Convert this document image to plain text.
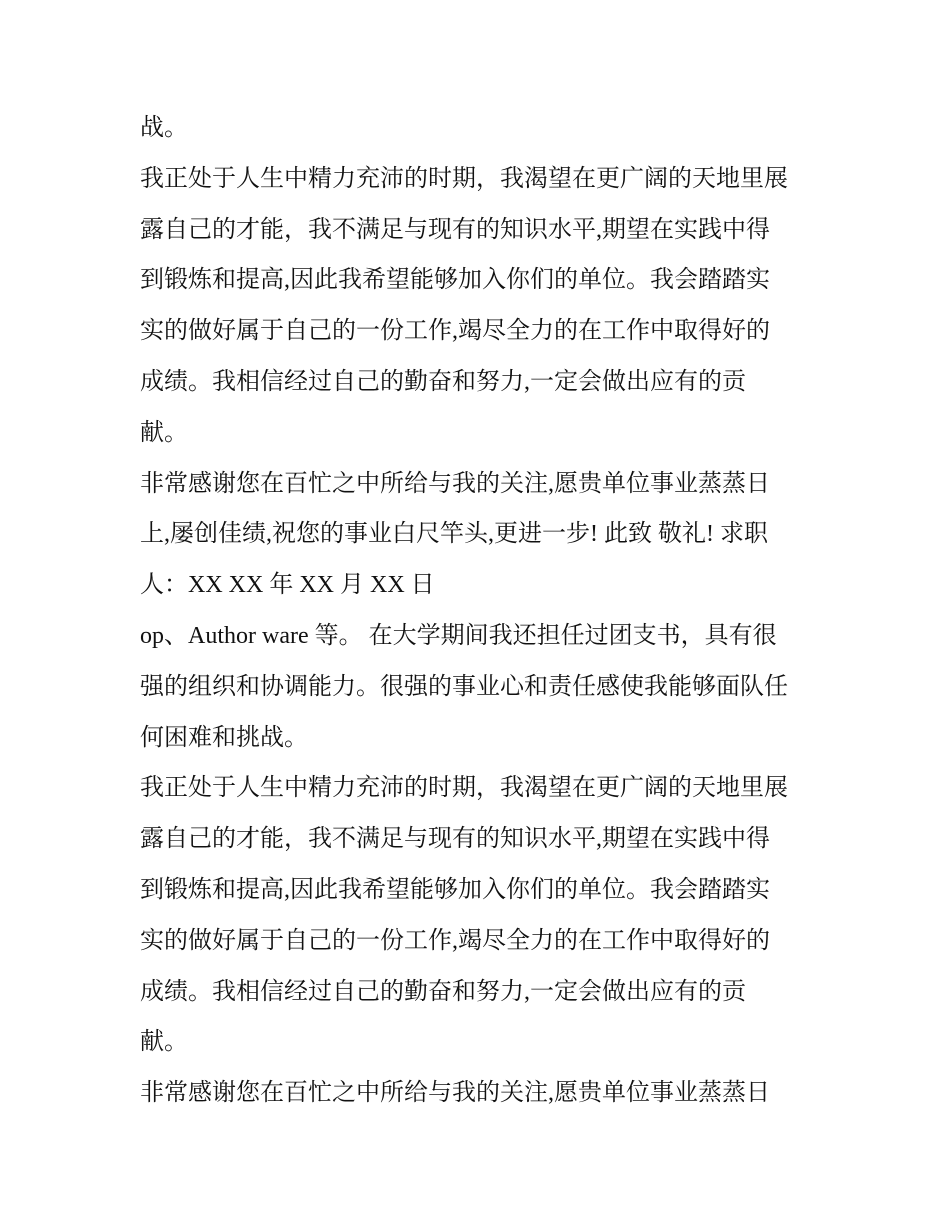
战。
我正处于人生中精力充沛的时期，我渴望在更广阔的天地里展
露自己的才能，我不满足与现有的知识水平,期望在实践中得
到锻炼和提高,因此我希望能够加入你们的单位。我会踏踏实
实的做好属于自己的一份工作,竭尽全力的在工作中取得好的
成绩。我相信经过自己的勤奋和努力,一定会做出应有的贡
献。
非常感谢您在百忙之中所给与我的关注,愿贵单位事业蒸蒸日
上,屡创佳绩,祝您的事业白尺竿头,更进一步! 此致 敬礼! 求职
人：XX XX 年 XX 月 XX 日
op、Author ware 等。 在大学期间我还担任过团支书，具有很
强的组织和协调能力。很强的事业心和责任感使我能够面队任
何困难和挑战。
我正处于人生中精力充沛的时期，我渴望在更广阔的天地里展
露自己的才能，我不满足与现有的知识水平,期望在实践中得
到锻炼和提高,因此我希望能够加入你们的单位。我会踏踏实
实的做好属于自己的一份工作,竭尽全力的在工作中取得好的
成绩。我相信经过自己的勤奋和努力,一定会做出应有的贡
献。
非常感谢您在百忙之中所给与我的关注,愿贵单位事业蒸蒸日
